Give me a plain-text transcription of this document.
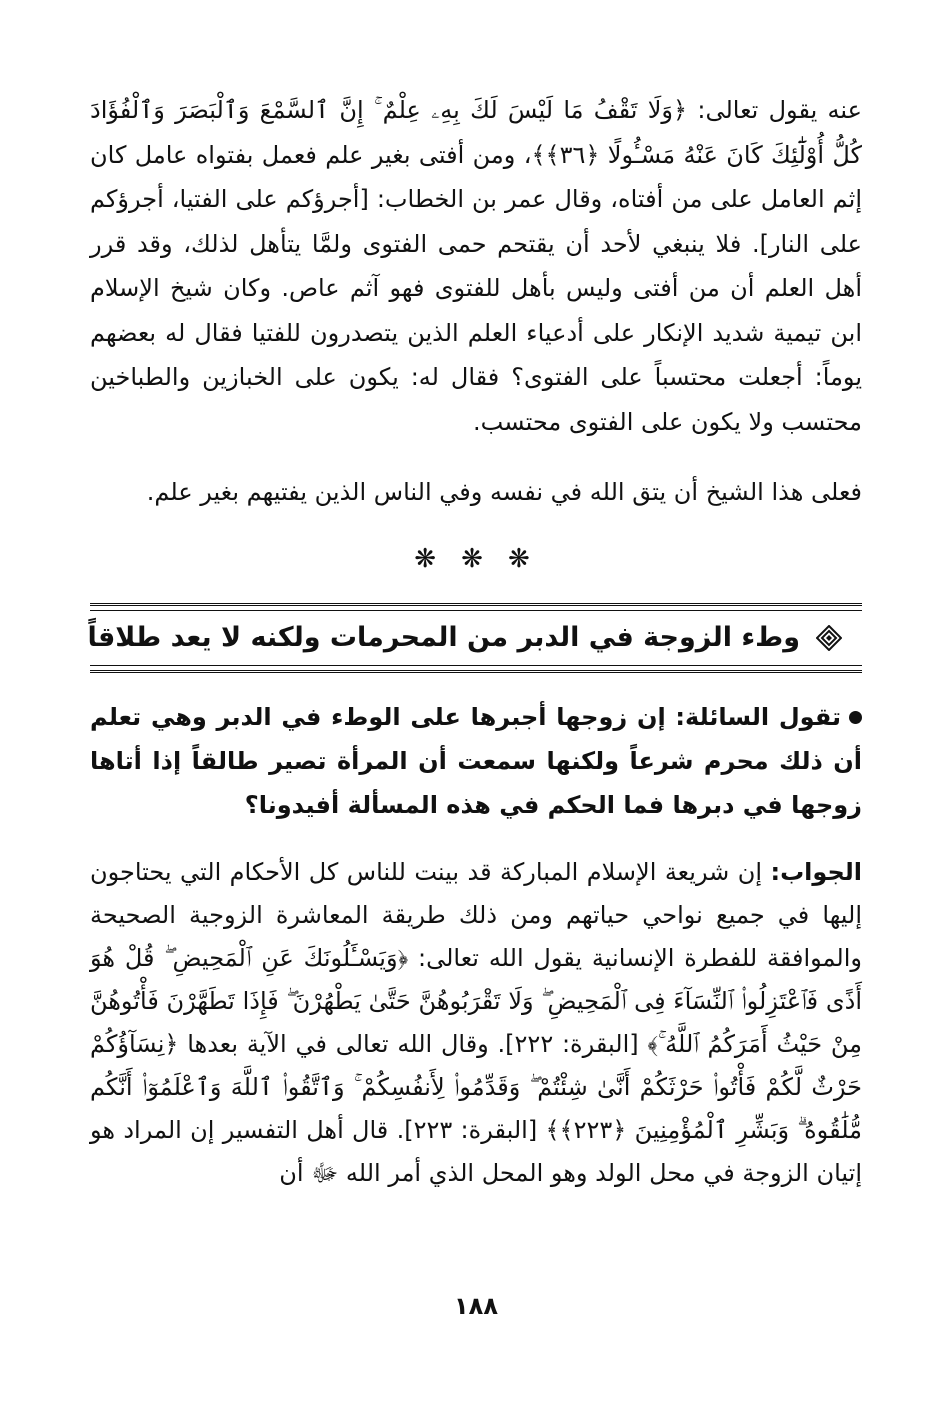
عنه يقول تعالى: ﴿وَلَا تَقْفُ مَا لَيْسَ لَكَ بِهِۦ عِلْمٌ ۚ إِنَّ ٱلسَّمْعَ وَٱلْبَصَرَ وَٱلْفُؤَادَ كُلُّ أُوْلَٰٓئِكَ كَانَ عَنْهُ مَسْـُٔولًا ﴿٣٦﴾﴾، ومن أفتى بغير علم فعمل بفتواه عامل كان إثم العامل على من أفتاه، وقال عمر بن الخطاب: [أجرؤكم على الفتيا، أجرؤكم على النار]. فلا ينبغي لأحد أن يقتحم حمى الفتوى ولمَّا يتأهل لذلك، وقد قرر أهل العلم أن من أفتى وليس بأهل للفتوى فهو آثم عاص. وكان شيخ الإسلام ابن تيمية شديد الإنكار على أدعياء العلم الذين يتصدرون للفتيا فقال له بعضهم يوماً: أجعلت محتسباً على الفتوى؟ فقال له: يكون على الخبازين والطباخين محتسب ولا يكون على الفتوى محتسب.

فعلى هذا الشيخ أن يتق الله في نفسه وفي الناس الذين يفتيهم بغير علم.

❋ ❋ ❋
وطء الزوجة في الدبر من المحرمات ولكنه لا يعد طلاقاً

تقول السائلة: إن زوجها أجبرها على الوطء في الدبر وهي تعلم أن ذلك محرم شرعاً ولكنها سمعت أن المرأة تصير طالقاً إذا أتاها زوجها في دبرها فما الحكم في هذه المسألة أفيدونا؟

الجواب: إن شريعة الإسلام المباركة قد بينت للناس كل الأحكام التي يحتاجون إليها في جميع نواحي حياتهم ومن ذلك طريقة المعاشرة الزوجية الصحيحة والموافقة للفطرة الإنسانية يقول الله تعالى: ﴿وَيَسْـَٔلُونَكَ عَنِ ٱلْمَحِيضِ ۖ قُلْ هُوَ أَذًى فَٱعْتَزِلُوا۟ ٱلنِّسَآءَ فِى ٱلْمَحِيضِ ۖ وَلَا تَقْرَبُوهُنَّ حَتَّىٰ يَطْهُرْنَ ۖ فَإِذَا تَطَهَّرْنَ فَأْتُوهُنَّ مِنْ حَيْثُ أَمَرَكُمُ ٱللَّهُ ۚ﴾ [البقرة: ٢٢٢]. وقال الله تعالى في الآية بعدها ﴿نِسَآؤُكُمْ حَرْثٌ لَّكُمْ فَأْتُوا۟ حَرْثَكُمْ أَنَّىٰ شِئْتُمْ ۖ وَقَدِّمُوا۟ لِأَنفُسِكُمْ ۚ وَٱتَّقُوا۟ ٱللَّهَ وَٱعْلَمُوٓا۟ أَنَّكُم مُّلَٰقُوهُ ۗ وَبَشِّرِ ٱلْمُؤْمِنِينَ ﴿٢٢٣﴾﴾ [البقرة: ٢٢٣]. قال أهل التفسير إن المراد هو إتيان الزوجة في محل الولد وهو المحل الذي أمر الله ﷻ أن

١٨٨
